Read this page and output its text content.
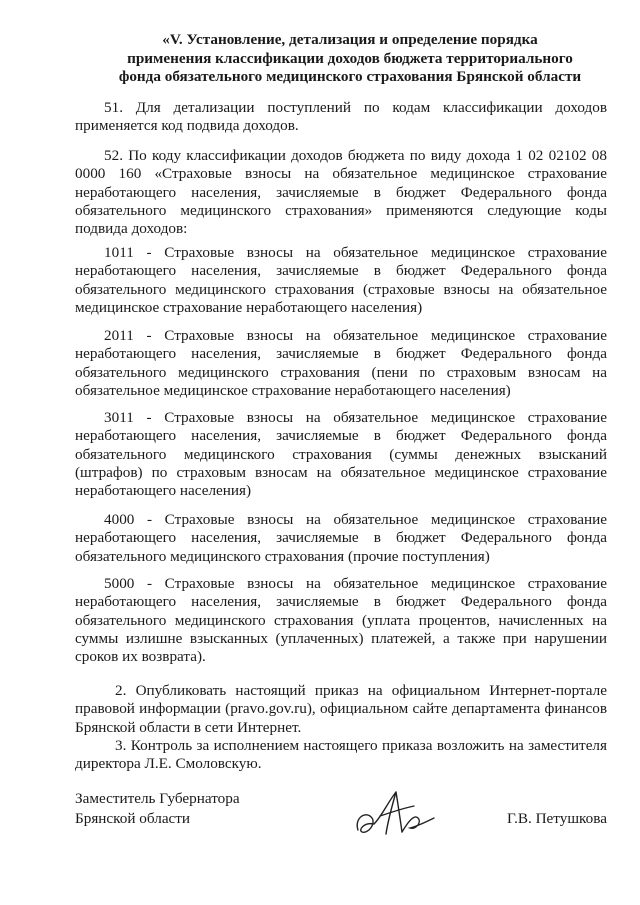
«V. Установление, детализация и определение порядка
применения классификации доходов бюджета территориального
фонда обязательного медицинского страхования Брянской области
51. Для детализации поступлений по кодам классификации доходов применяется код подвида доходов.
52. По коду классификации доходов бюджета по виду дохода 1 02 02102 08 0000 160 «Страховые взносы на обязательное медицинское страхование неработающего населения, зачисляемые в бюджет Федерального фонда обязательного медицинского страхования» применяются следующие коды подвида доходов:
1011 - Страховые взносы на обязательное медицинское страхование неработающего населения, зачисляемые в бюджет Федерального фонда обязательного медицинского страхования (страховые взносы на обязательное медицинское страхование неработающего населения)
2011 - Страховые взносы на обязательное медицинское страхование неработающего населения, зачисляемые в бюджет Федерального фонда обязательного медицинского страхования (пени по страховым взносам на обязательное медицинское страхование неработающего населения)
3011 - Страховые взносы на обязательное медицинское страхование неработающего населения, зачисляемые в бюджет Федерального фонда обязательного медицинского страхования (суммы денежных взысканий (штрафов) по страховым взносам на обязательное медицинское страхование неработающего населения)
4000 - Страховые взносы на обязательное медицинское страхование неработающего населения, зачисляемые в бюджет Федерального фонда обязательного медицинского страхования (прочие поступления)
5000 - Страховые взносы на обязательное медицинское страхование неработающего населения, зачисляемые в бюджет Федерального фонда обязательного медицинского страхования (уплата процентов, начисленных на суммы излишне взысканных (уплаченных) платежей, а также при нарушении сроков их возврата).
2. Опубликовать настоящий приказ на официальном Интернет-портале правовой информации (pravo.gov.ru), официальном сайте департамента финансов Брянской области в сети Интернет.
3. Контроль за исполнением настоящего приказа возложить на заместителя директора Л.Е. Смоловскую.
Заместитель Губернатора
Брянской области	Г.В. Петушкова
